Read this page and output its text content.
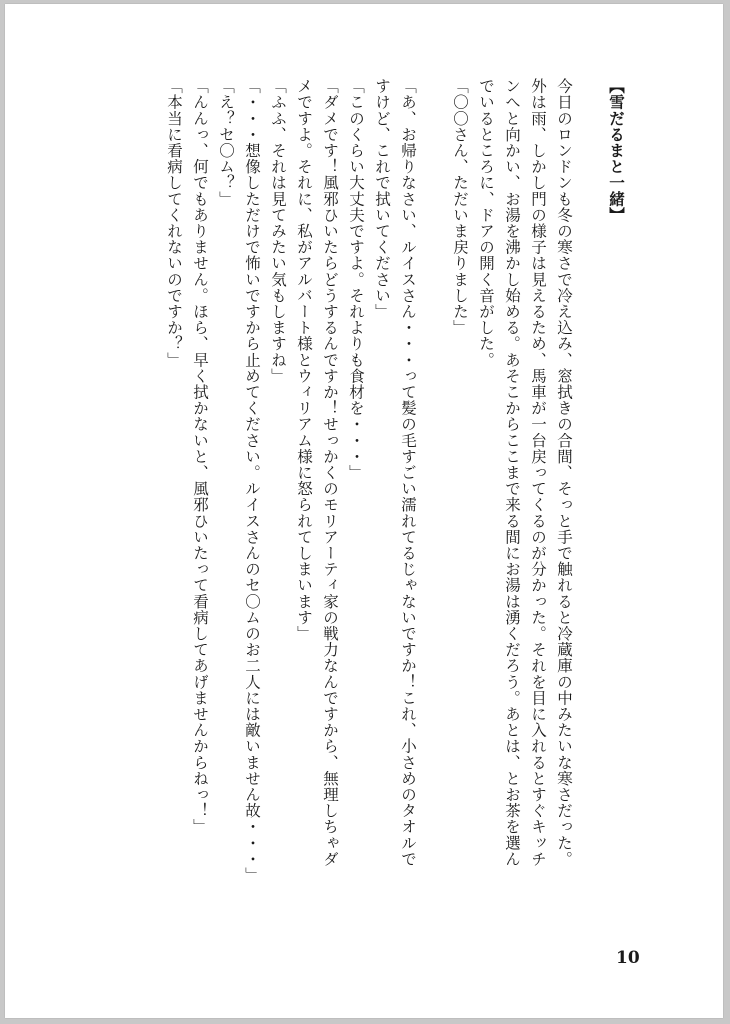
【雪だるまと一緒】
今日のロンドンも冬の寒さで冷え込み、窓拭きの合間、そっと手で触れると冷蔵庫の中みたいな寒さだった。
外は雨、しかし門の様子は見えるため、馬車が一台戻ってくるのが分かった。それを目に入れるとすぐキッチ
ンへと向かい、お湯を沸かし始める。あそこからここまで来る間にお湯は湧くだろう。あとは、とお茶を選ん
でいるところに、ドアの開く音がした。
「〇〇さん、ただいま戻りました」
「あ、お帰りなさい、ルイスさん・・・って髪の毛すごい濡れてるじゃないですか！これ、小さめのタオルで
すけど、これで拭いてください」
「このくらい大丈夫ですよ。それよりも食材を・・・」
「ダメです！風邪ひいたらどうするんですか！せっかくのモリアーティ家の戦力なんですから、無理しちゃダ
メですよ。それに、私がアルバート様とウィリアム様に怒られてしまいます」
「ふふ、それは見てみたい気もしますね」
「・・・想像しただけで怖いですから止めてください。ルイスさんのセ〇ムのお二人には敵いません故・・・」
「え？セ〇ム？」
「んんっ、何でもありません。ほら、早く拭かないと、風邪ひいたって看病してあげませんからねっ！」
「本当に看病してくれないのですか？」
10
